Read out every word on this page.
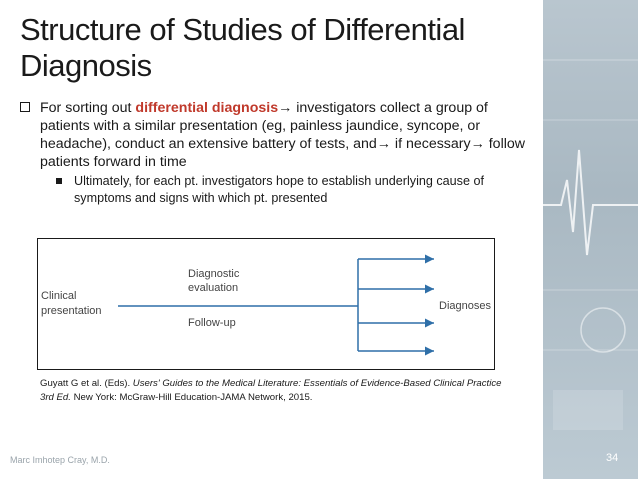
Structure of Studies of Differential
Diagnosis
For sorting out differential diagnosis→ investigators collect a group of patients with a similar presentation (eg, painless jaundice, syncope, or headache), conduct an extensive battery of tests, and→ if necessary→ follow patients forward in time
Ultimately, for each pt. investigators hope to establish underlying cause of symptoms and signs with which pt. presented
Clinical
presentation
Diagnostic
evaluation
Follow-up
Diagnoses
Guyatt G et al. (Eds). Users' Guides to the Medical Literature: Essentials of Evidence-Based Clinical Practice 3rd Ed. New York: McGraw-Hill Education-JAMA Network, 2015.
Marc Imhotep Cray, M.D.	34
